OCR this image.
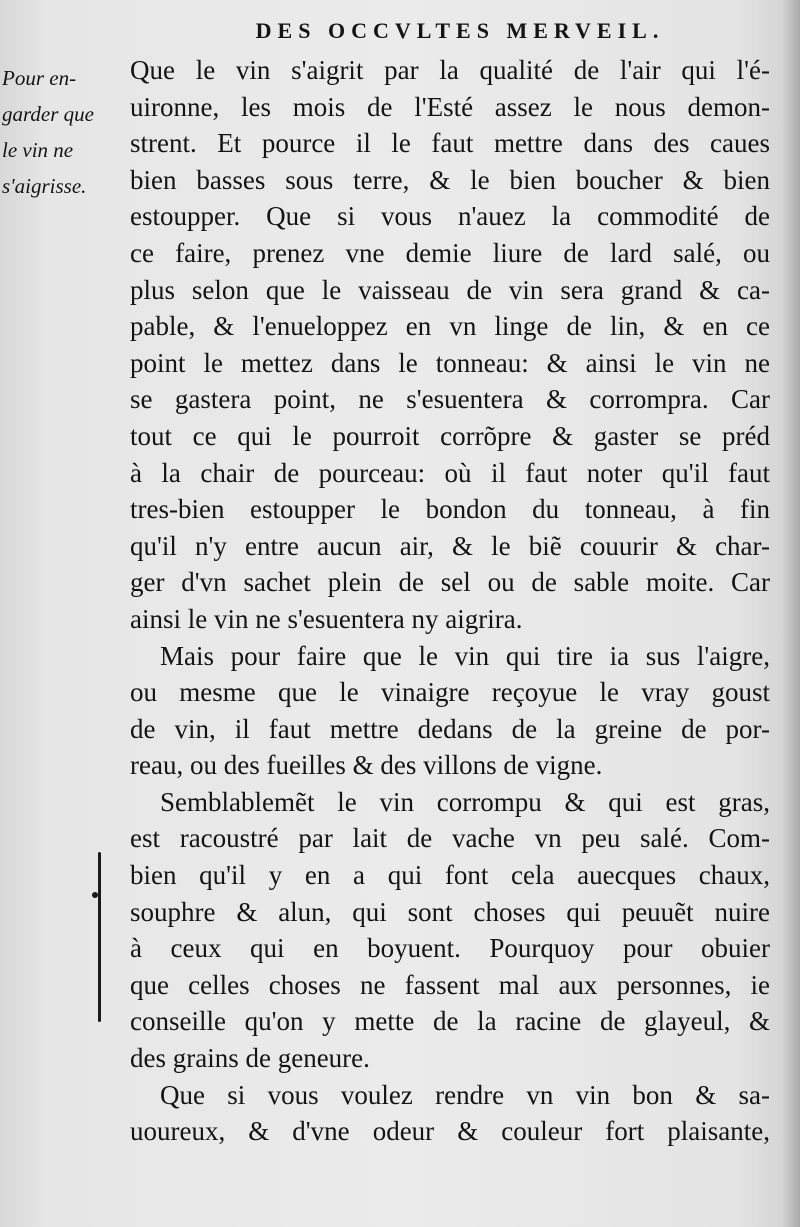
DES OCCVLTES MERVEIL.
Pour en-
garder que
le vin ne
s'aigrisse.
Que le vin s'aigrit par la qualité de l'air qui l'é-
uironne, les mois de l'Esté assez le nous demon-
strent. Et pource il le faut mettre dans des caues
bien basses sous terre, & le bien boucher & bien
estoupper. Que si vous n'auez la commodité de
ce faire, prenez vne demie liure de lard salé, ou
plus selon que le vaisseau de vin sera grand & ca-
pable, & l'enueloppez en vn linge de lin, & en ce
point le mettez dans le tonneau: & ainsi le vin ne
se gastera point, ne s'esuentera & corrompra. Car
tout ce qui le pourroit corrõpre & gaster se préd
à la chair de pourceau: où il faut noter qu'il faut
tres-bien estoupper le bondon du tonneau, à fin
qu'il n'y entre aucun air, & le biẽ couurir & char-
ger d'vn sachet plein de sel ou de sable moite. Car
ainsi le vin ne s'esuentera ny aigrira.
Mais pour faire que le vin qui tire ia sus l'aigre,
ou mesme que le vinaigre reçoyue le vray goust
de vin, il faut mettre dedans de la greine de por-
reau, ou des fueilles & des villons de vigne.
Semblablemẽt le vin corrompu & qui est gras,
est racoustré par lait de vache vn peu salé. Com-
bien qu'il y en a qui font cela auecques chaux,
souphre & alun, qui sont choses qui peuuẽt nuire
à ceux qui en boyuent. Pourquoy pour obuier
que celles choses ne fassent mal aux personnes, ie
conseille qu'on y mette de la racine de glayeul, &
des grains de geneure.
Que si vous voulez rendre vn vin bon & sa-
uoureux, & d'vne odeur & couleur fort plaisante,
